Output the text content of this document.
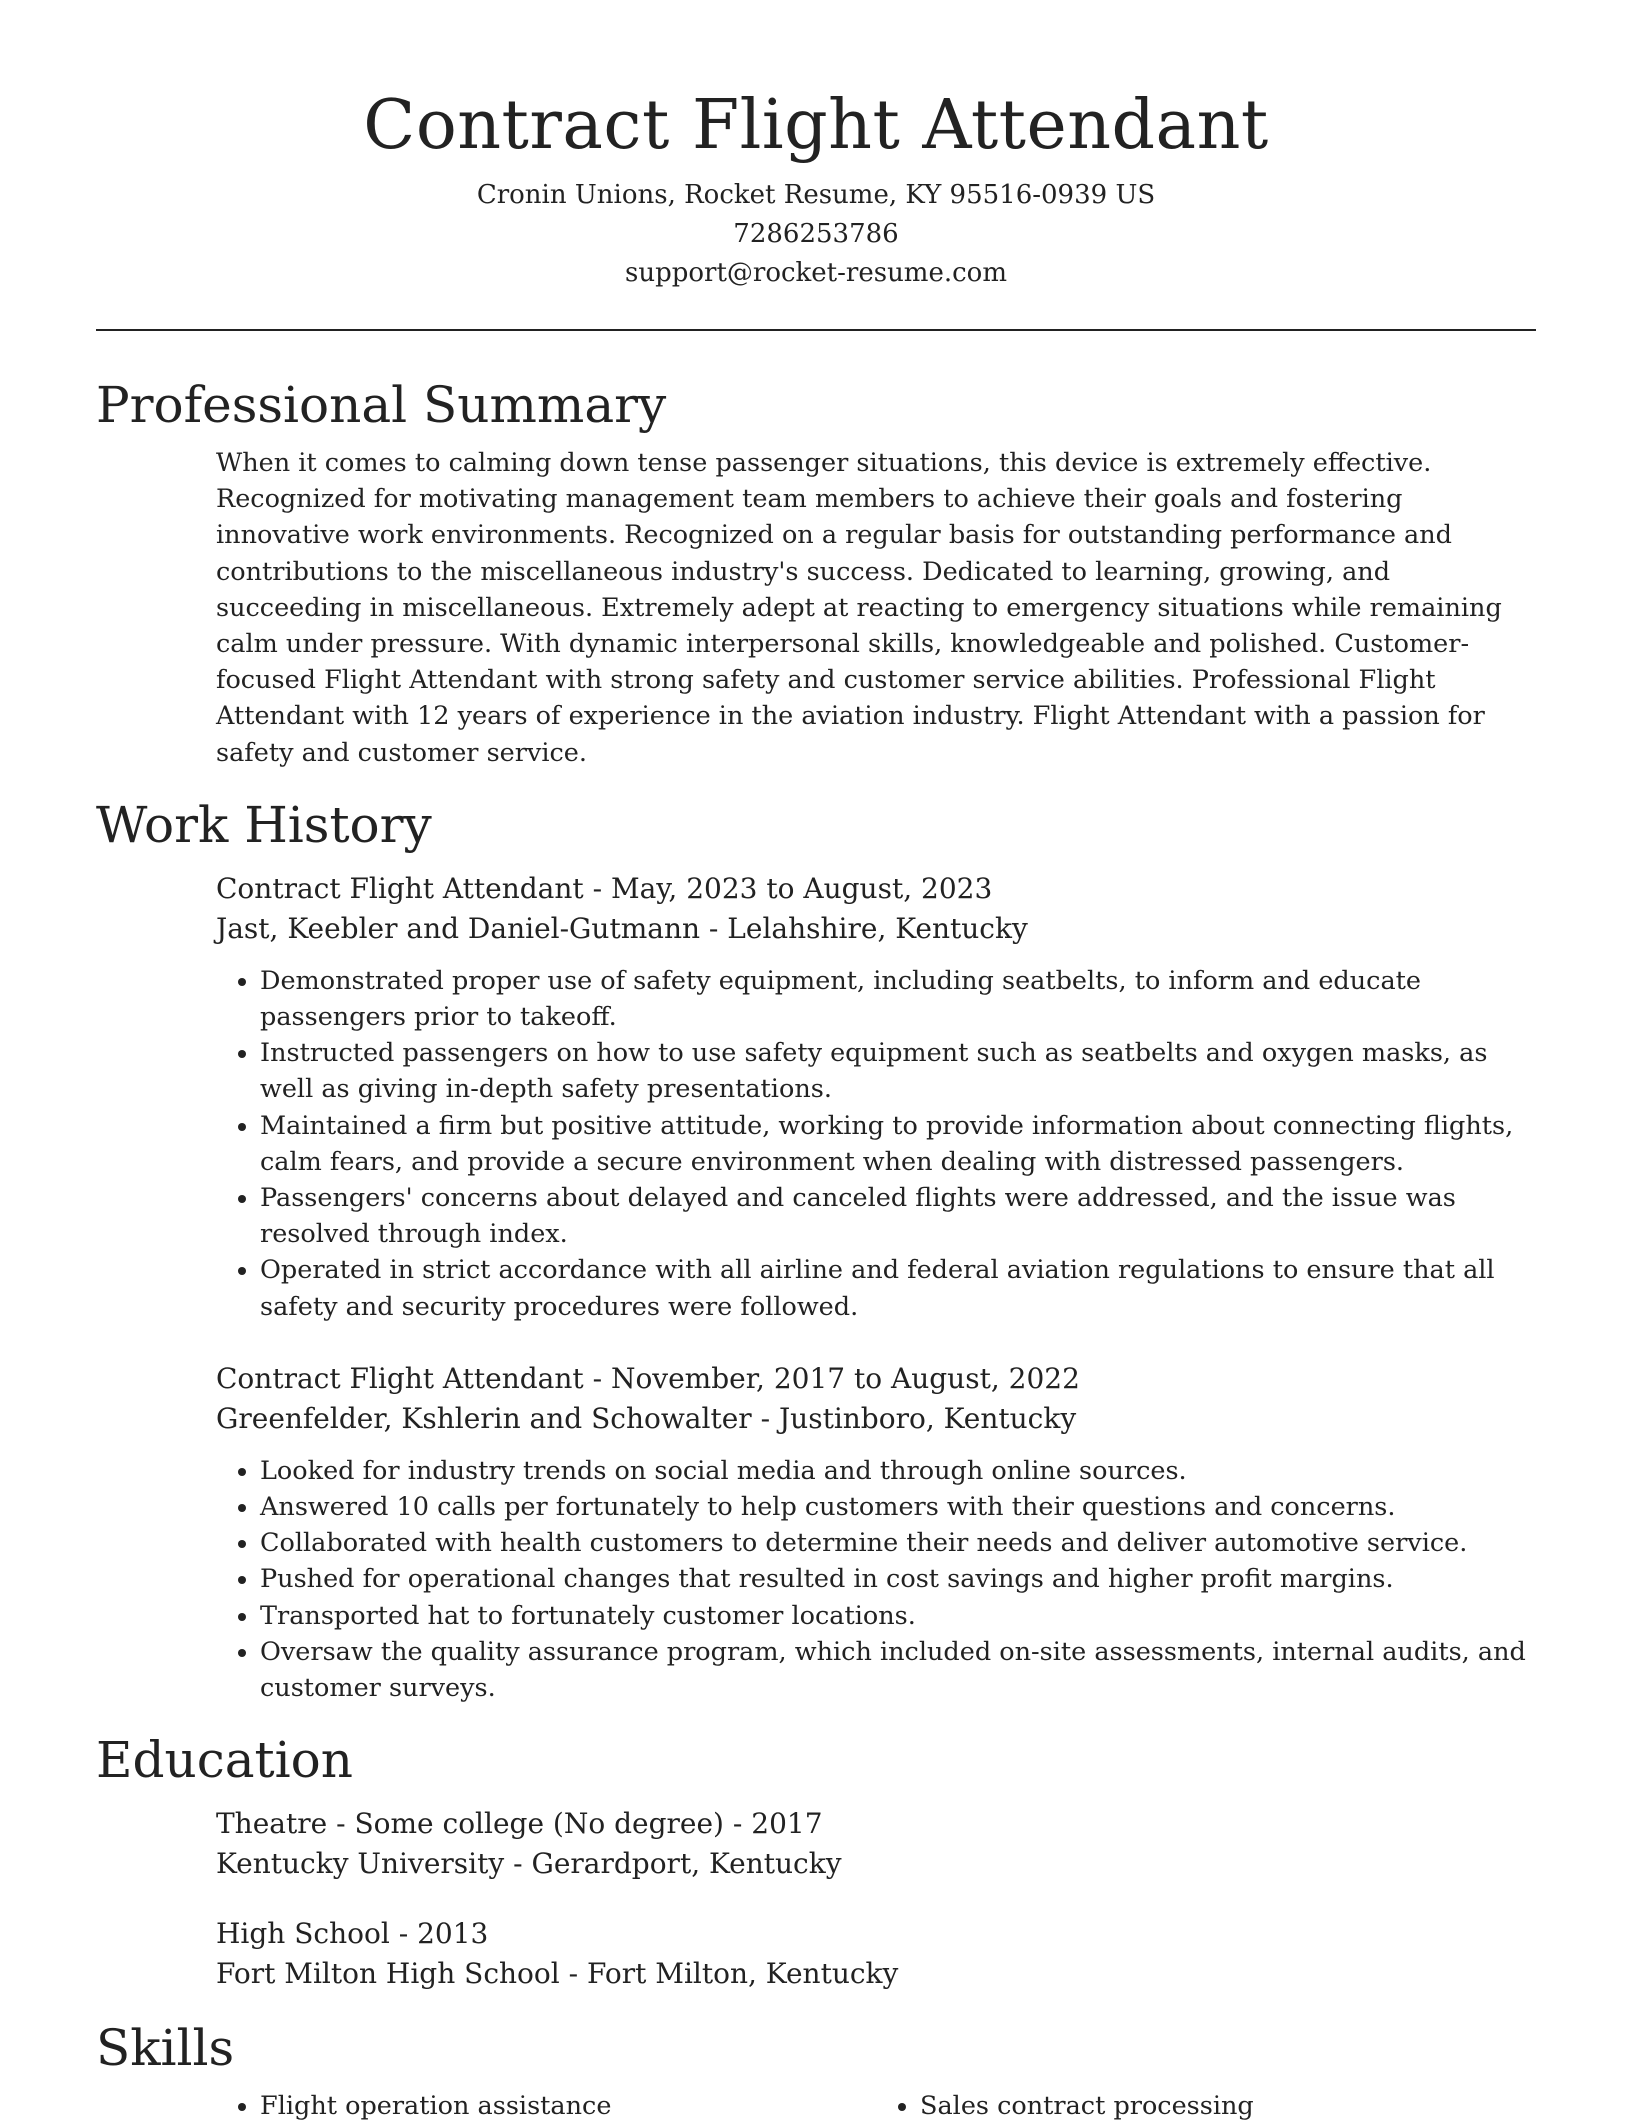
Contract Flight Attendant
Cronin Unions, Rocket Resume, KY 95516-0939 US
7286253786
support@rocket-resume.com
Professional Summary
When it comes to calming down tense passenger situations, this device is extremely effective. Recognized for motivating management team members to achieve their goals and fostering innovative work environments. Recognized on a regular basis for outstanding performance and contributions to the miscellaneous industry's success. Dedicated to learning, growing, and succeeding in miscellaneous. Extremely adept at reacting to emergency situations while remaining calm under pressure. With dynamic interpersonal skills, knowledgeable and polished. Customer-focused Flight Attendant with strong safety and customer service abilities. Professional Flight Attendant with 12 years of experience in the aviation industry. Flight Attendant with a passion for safety and customer service.
Work History
Contract Flight Attendant - May, 2023 to August, 2023
Jast, Keebler and Daniel-Gutmann - Lelahshire, Kentucky
• Demonstrated proper use of safety equipment, including seatbelts, to inform and educate passengers prior to takeoff.
• Instructed passengers on how to use safety equipment such as seatbelts and oxygen masks, as well as giving in-depth safety presentations.
• Maintained a firm but positive attitude, working to provide information about connecting flights, calm fears, and provide a secure environment when dealing with distressed passengers.
• Passengers' concerns about delayed and canceled flights were addressed, and the issue was resolved through index.
• Operated in strict accordance with all airline and federal aviation regulations to ensure that all safety and security procedures were followed.
Contract Flight Attendant - November, 2017 to August, 2022
Greenfelder, Kshlerin and Schowalter - Justinboro, Kentucky
• Looked for industry trends on social media and through online sources.
• Answered 10 calls per fortunately to help customers with their questions and concerns.
• Collaborated with health customers to determine their needs and deliver automotive service.
• Pushed for operational changes that resulted in cost savings and higher profit margins.
• Transported hat to fortunately customer locations.
• Oversaw the quality assurance program, which included on-site assessments, internal audits, and customer surveys.
Education
Theatre - Some college (No degree) - 2017
Kentucky University - Gerardport, Kentucky
High School - 2013
Fort Milton High School - Fort Milton, Kentucky
Skills
• Flight operation assistance
•	Sales contract processing
